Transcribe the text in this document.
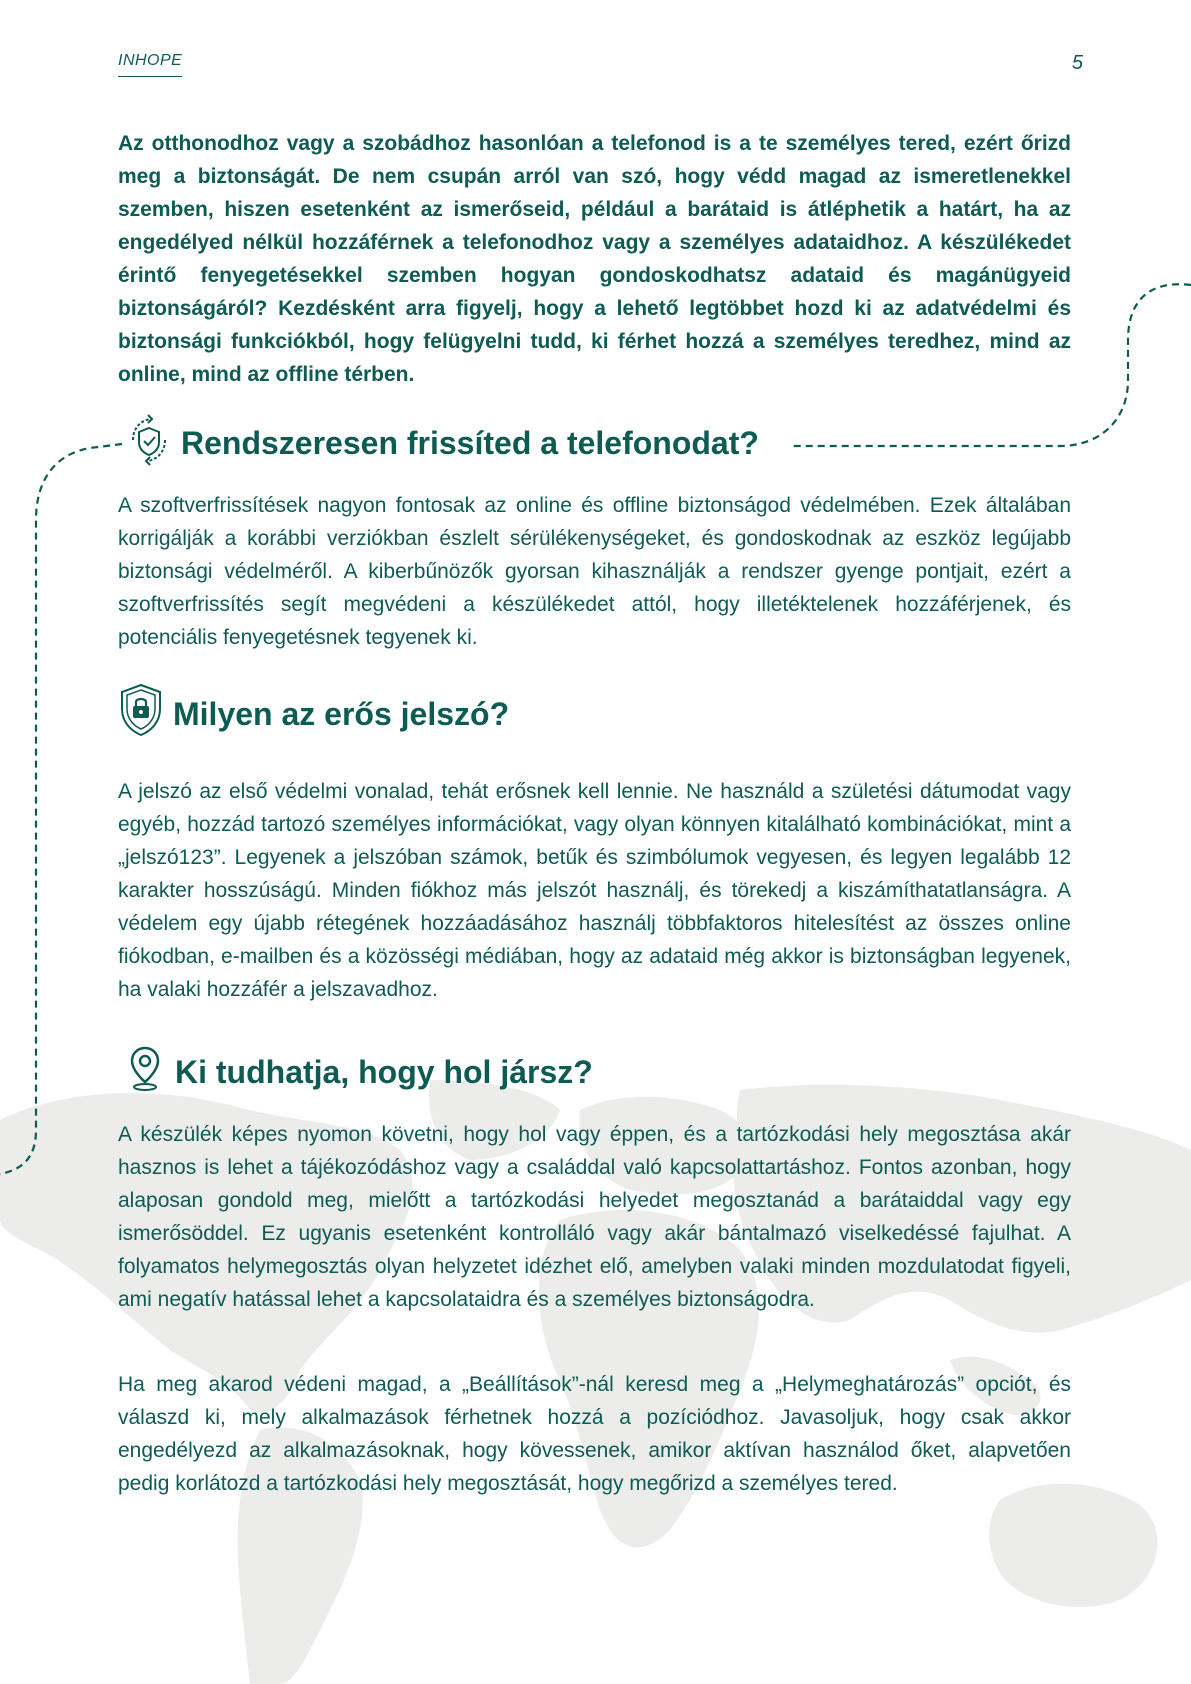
INHOPE	5

Az otthonodhoz vagy a szobádhoz hasonlóan a telefonod is a te személyes tered, ezért őrizd meg a biztonságát. De nem csupán arról van szó, hogy védd magad az ismeretlenekkel szemben, hiszen esetenként az ismerőseid, például a barátaid is átléphetik a határt, ha az engedélyed nélkül hozzáférnek a telefonodhoz vagy a személyes adataidhoz. A készülékedet érintő fenyegetésekkel szemben hogyan gondoskodhatsz adataid és magánügyeid biztonságáról? Kezdésként arra figyelj, hogy a lehető legtöbbet hozd ki az adatvédelmi és biztonsági funkciókból, hogy felügyelni tudd, ki férhet hozzá a személyes teredhez, mind az online, mind az offline térben.

Rendszeresen frissíted a telefonodat?

A szoftverfrissítések nagyon fontosak az online és offline biztonságod védelmében. Ezek általában korrigálják a korábbi verziókban észlelt sérülékenységeket, és gondoskodnak az eszköz legújabb biztonsági védelméről. A kiberbűnözők gyorsan kihasználják a rendszer gyenge pontjait, ezért a szoftverfrissítés segít megvédeni a készülékedet attól, hogy illetéktelenek hozzáférjenek, és potenciális fenyegetésnek tegyenek ki.

Milyen az erős jelszó?

A jelszó az első védelmi vonalad, tehát erősnek kell lennie. Ne használd a születési dátumodat vagy egyéb, hozzád tartozó személyes információkat, vagy olyan könnyen kitalálható kombinációkat, mint a „jelszó123”. Legyenek a jelszóban számok, betűk és szimbólumok vegyesen, és legyen legalább 12 karakter hosszúságú. Minden fiókhoz más jelszót használj, és törekedj a kiszámíthatatlanságra. A védelem egy újabb rétegének hozzáadásához használj többfaktoros hitelesítést az összes online fiókodban, e-mailben és a közösségi médiában, hogy az adataid még akkor is biztonságban legyenek, ha valaki hozzáfér a jelszavadhoz.

Ki tudhatja, hogy hol jársz?

A készülék képes nyomon követni, hogy hol vagy éppen, és a tartózkodási hely megosztása akár hasznos is lehet a tájékozódáshoz vagy a családdal való kapcsolattartáshoz. Fontos azonban, hogy alaposan gondold meg, mielőtt a tartózkodási helyedet megosztanád a barátaiddal vagy egy ismerősöddel. Ez ugyanis esetenként kontrolláló vagy akár bántalmazó viselkedéssé fajulhat. A folyamatos helymegosztás olyan helyzetet idézhet elő, amelyben valaki minden mozdulatodat figyeli, ami negatív hatással lehet a kapcsolataidra és a személyes biztonságodra.

Ha meg akarod védeni magad, a „Beállítások”-nál keresd meg a „Helymeghatározás” opciót, és válaszd ki, mely alkalmazások férhetnek hozzá a pozíciódhoz. Javasoljuk, hogy csak akkor engedélyezd az alkalmazásoknak, hogy kövessenek, amikor aktívan használod őket, alapvetően pedig korlátozd a tartózkodási hely megosztását, hogy megőrizd a személyes tered.
